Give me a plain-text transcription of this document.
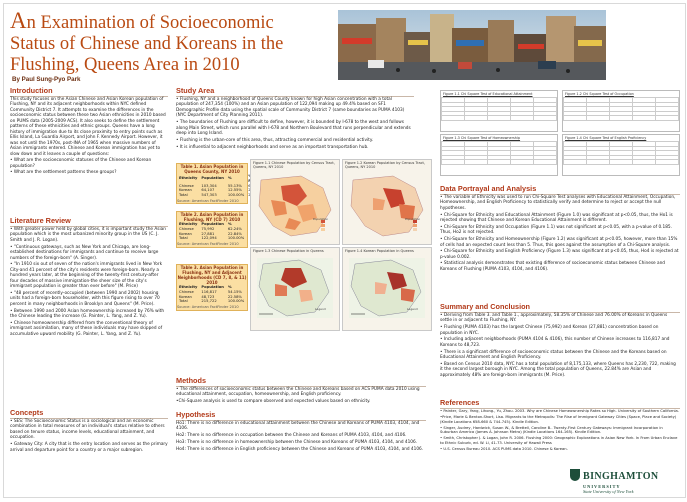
An Examination of Socioeconomic
Status of Chinese and Koreans in the
Flushing, Queens Area in 2010
By Paul Sung-Pyo Park
Introduction

This study focuses on the Asian Chinese and Asian Korean population of Flushing, NY and its adjacent neighborhoods within NYC defined Community District 7. It attempts to examine the differences in the socioeconomic status between these two Asian ethnicities in 2010 based on PUMS data (2005-2009 ACS). It also seeks to define the settlement patterns of these ethnicities and ethnic groups. Queens have a long history of immigration due to its close proximity to entry points such as Ellis Island, La Guardia Airport, and John F. Kennedy Airport. However, it was not until the 1970s, post-INA of 1965 when massive numbers of Asian immigrants entered. Chinese and Korean immigration has yet to slow down and it leaves a couple of questions:

• What are the socioeconomic statuses of the Chinese and Korean population?

• What are the settlement patterns these groups?

Literature Review

• With greater power held by global cities, it is important study the Asian population which is the most urbanized minority group in the US (C. J. Smith and J. R. Logan).

• "Continuous gateways, such as New York and Chicago, are long-established destinations for immigrants and continue to receive large numbers of the foreign-born" (A. Singer).

• "In 1910 six out of seven of the nation's immigrants lived in New York City-and 41 percent of the city's residents were foreign-born. Nearly a hundred years later, at the beginning of the twenty-first century-after four decades of massive immigration-the sheer size of the city's immigrant population is greater than ever before" (M. Price)

• "48 percent of recently-occupied (between 1990 and 2002) housing units had a foreign-born householder, with this figure rising to over 70 percent in many neighborhoods in Brooklyn and Queens" (M. Price).

• Between 1990 and 2000 Asian homeownership increased by 76% with the Chinese leading the increase (G. Painter, L. Yang, and Z. Yu).

• Chinese homeownership differed from the conventional theory of immigrant assimilation, many of these individuals may have skipped of accumulative upward mobility (G. Painter, L. Yang, and Z. Yu).

Concepts

• SES: The Socioeconomic Status is a sociological and an economic combination in total measures of an individual's status relative to others based on tenure status, income levels, educational attainment, and occupation.

• Gateway City: A city that is the entry location and serves as the primary arrival and departure point for a country or a major subregion.

Study Area

• Flushing, NY and a neighborhood of Queens County known for high Asian concentration with a total population of 247,354 (100%) and an Asian population of 122,094 making up 49.4% based on SF1 Demographic Profile data using the spatial scale of Community District 7 (same boundaries as PUMA 4103) (NYC Department of City Planning 2011).

• The boundaries of Flushing are difficult to define, however, it is bounded by I-678 to the west and follows along Main Street, which runs parallel with I-678 and Northern Boulevard that runs perpendicular and extends deep into Long Island.

• Flushing is the urban-core of this area, thus, attracting commercial and residential activity.

• It is influential to adjacent neighborhoods and serve as an important transportation hub.

Table 1. Asian Population in Queens County, NY 2010
Ethnicity	Population	%	
Chinese	103,304	55.13%	
Korean	64,107	12.55%	
Total	547,303	100.00%	
Source: American FactFinder 2010
Table 2. Asian Population in Flushing, NY (CD 7) 2010
Ethnicity	Population	%
Chinese	75,992	62.24%
Korean	27,881	22.84%
Total	122,094	100.00%
Source: American FactFinder 2010
Table 3. Asian Population in Flushing, NY and Adjacent Neighborhoods (CD 7, 8, & 11) 2010
Ethnicity	Population	%
Chinese	116,817	54.15%
Korean	48,723	22.58%
Total	215,722	100.00%
Source: American FactFinder 2010
Figure 1.1 Chinese Population by Census Tract, Queens, NY 2010
Population
Figure 1.2 Korean Population by Census Tract, Queens, NY 2010
Population
Figure 1.3 Chinese Population in Queens
Legend
Figure 1.4 Korean Population in Queens
Legend
Methods

• The differences of socioeconomic status between the Chinese and Koreans based on ACS PUMA data 2010 using educational attainment, occupation, homeownership, and English proficiency.

•Chi-Square analysis is used to compare observed and expected values based on ethnicity.

Hypothesis

Ho1: There is no difference in educational attainment between the Chinese and Koreans of PUMA 4103, 4104, and 4106.

Ho2: There is no difference in occupation between the Chinese and Koreans of PUMA 4103, 4104, and 4106.

Ho3: There is no difference in homeownership between the Chinese and Koreans of PUMA 4103, 4104, and 4106.

Ho4: There is no difference in English proficiency between the Chinese and Koreans of PUMA 4103, 4104, and 4106.

Figure 1.1 Chi Square Test of Educational Attainment

					Figure 1.2 Chi Square Test of Occupation

Figure 1.3 Chi Square Test of Homeownership

					Figure 1.4 Chi Square Test of English Proficiency

Data Portrayal and Analysis

• The variable of Ethnicity was used to run Chi-Square Test analyses with Educational Attainment, Occupation, Homeownership, and English Proficiency to statistically verify and determine to reject or accept the null hypotheses.

• Chi-Square for Ethnicity and Educational Attainment (Figure 1.0) was significant at p<0.05, thus, the Ho1 is rejected showing that Chinese and Korean Educational Attainment is different.

• Chi-Square for Ethnicity and Occupation (Figure 1.1) was not significant at p<0.05, with a p-value of 0.185. Thus, Ho2 is not rejected.

• Chi-Square for Ethnicity and Homeownership (Figure 1.2) was significant at p<0.05, however, more than 15% of cells had an expected count less than 5. Thus, this goes against the assumption of a Chi-Square analysis.

• Chi-Square for Ethnicity and English Proficiency (Figure 1.3) was significant at p<0.05, thus, Ho4 is rejected at p-value 0.002.

• Statistical analysis demonstrates that existing difference of socioeconomic status between Chinese and Koreans of Flushing (PUMA 4103, 4104, and 4106).

Summary and Conclusion

• Deriving from Table 3. and Table 1., approximately, 58.35% of Chinese and 76.00% of Koreans in Queens settle in or adjacent to Flushing, NY.

• Flushing (PUMA 4103) has the largest Chinese (75,992) and Korean (27,881) concentration based on population in NYC.

• Including adjacent neighborhoods (PUMA 4104 & 4106), this number of Chinese increases to 116,817 and Koreans to 48,723.

• There is a significant difference of socioeconomic status between the Chinese and the Koreans based on Educational Attainment and English Proficiency.

• Based on Census 2010 data, NYC has a total population of 8,175,133, where Queens has 2,230, 722, making it the second largest borough in NYC. Among the total population of Queens, 22.84% are Asian and approximately 48% are foreign-born immigrants (M. Price).

References

• Painter, Gary, Yang, Lihong., Yu, Zhou. 2003. Why are Chinese Homeownership Rates so High. University of Southern California.

•Price, Marie & Benton-Short, Lisa. Migrants to the Metropolis: The Rise of Immigrant Gateway Cities (Space, Place and Society) (Kindle Locations 658-660 & 744-745). Kindle Edition.

• Singer, Audrey, Hardwick, Susan W., & Brettell, Caroline B.. Twenty-First Century Gateways: Immigrant Incorporation in Suburban America (James A. Johnson Metro) (Kindle Locations 164-165). Kindle Edition.

• Smith, Christopher J. & Logan, John R. 2006. Flushing 2000: Geographic Explorations in Asian New York. In From Urban Enclave to Ethnic Suburb, ed. W. Li, 41-73. University of Hawaii Press

• U.S. Census Bureau 2010. ACS PUMS data 2010. Chinese & Korean.

BINGHAMTON
UNIVERSITY
State University of New York
